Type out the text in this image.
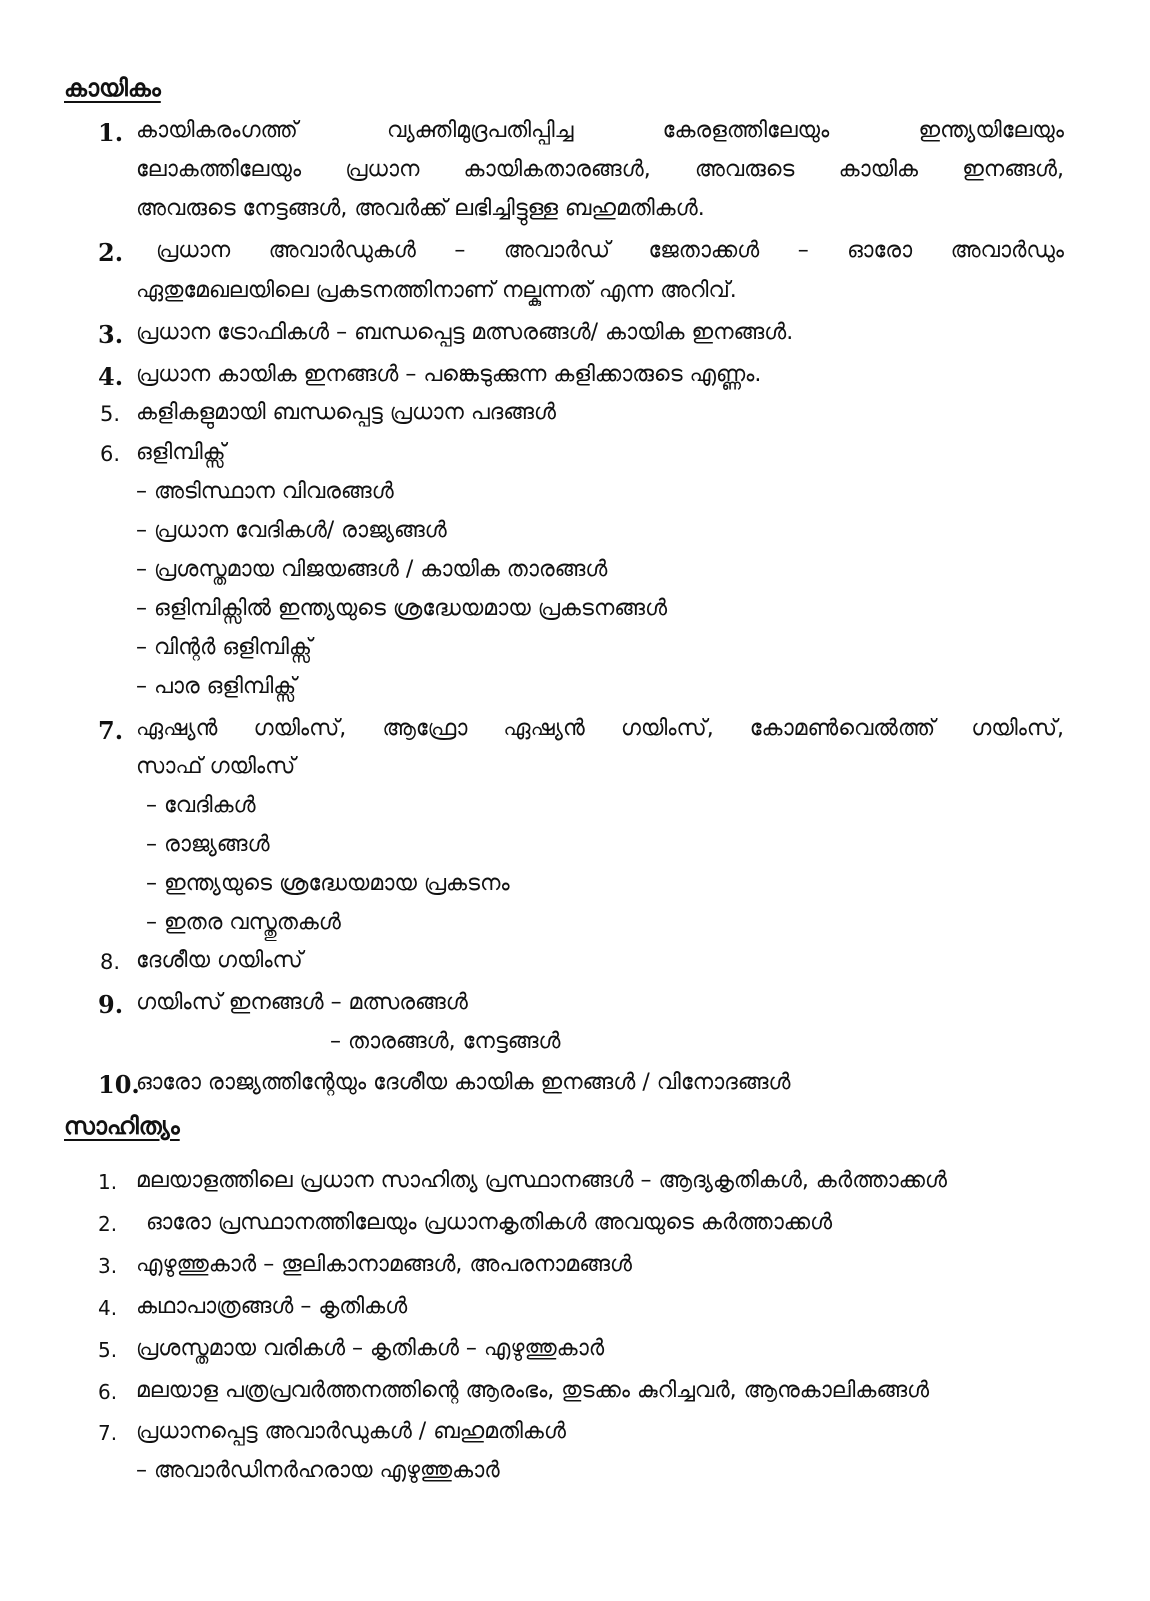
കായികം
1. കായികരംഗത്ത് വ്യക്തിമുദ്രപതിപ്പിച്ച കേരളത്തിലേയും ഇന്ത്യയിലേയും
ലോകത്തിലേയും പ്രധാന കായികതാരങ്ങൾ, അവരുടെ കായിക ഇനങ്ങൾ,
അവരുടെ നേട്ടങ്ങൾ, അവർക്ക് ലഭിച്ചിട്ടുള്ള ബഹുമതികൾ.
2. പ്രധാന അവാർഡുകൾ – അവാർഡ് ജേതാക്കൾ – ഓരോ അവാർഡും
ഏതുമേഖലയിലെ പ്രകടനത്തിനാണ് നല്കുന്നത് എന്ന അറിവ്.
3. പ്രധാന ട്രോഫികൾ – ബന്ധപ്പെട്ട മത്സരങ്ങൾ/ കായിക ഇനങ്ങൾ.
4. പ്രധാന കായിക ഇനങ്ങൾ – പങ്കെടുക്കുന്ന കളിക്കാരുടെ എണ്ണം.
5. കളികളുമായി ബന്ധപ്പെട്ട പ്രധാന പദങ്ങൾ
6. ഒളിമ്പിക്സ്
– അടിസ്ഥാന വിവരങ്ങൾ
– പ്രധാന വേദികൾ/ രാജ്യങ്ങൾ
– പ്രശസ്തമായ വിജയങ്ങൾ / കായിക താരങ്ങൾ
– ഒളിമ്പിക്സിൽ ഇന്ത്യയുടെ ശ്രദ്ധേയമായ പ്രകടനങ്ങൾ
– വിന്റർ ഒളിമ്പിക്സ്
– പാര ഒളിമ്പിക്സ്
7. ഏഷ്യൻ ഗയിംസ്, ആഫ്രോ ഏഷ്യൻ ഗയിംസ്, കോമൺവെൽത്ത് ഗയിംസ്,
സാഫ് ഗയിംസ്
– വേദികൾ
– രാജ്യങ്ങൾ
– ഇന്ത്യയുടെ ശ്രദ്ധേയമായ പ്രകടനം
– ഇതര വസ്തുതകൾ
8. ദേശീയ ഗയിംസ്
9. ഗയിംസ് ഇനങ്ങൾ – മത്സരങ്ങൾ
– താരങ്ങൾ, നേട്ടങ്ങൾ
10.
ഓരോ രാജ്യത്തിന്റേയും ദേശീയ കായിക ഇനങ്ങൾ / വിനോദങ്ങൾ
സാഹിത്യം
1. മലയാളത്തിലെ പ്രധാന സാഹിത്യ പ്രസ്ഥാനങ്ങൾ – ആദ്യകൃതികൾ, കർത്താക്കൾ
2. ഓരോ പ്രസ്ഥാനത്തിലേയും പ്രധാനകൃതികൾ അവയുടെ കർത്താക്കൾ
3. എഴുത്തുകാർ – തൂലികാനാമങ്ങൾ, അപരനാമങ്ങൾ
4. കഥാപാത്രങ്ങൾ – കൃതികൾ
5. പ്രശസ്തമായ വരികൾ – കൃതികൾ – എഴുത്തുകാർ
6. മലയാള പത്രപ്രവർത്തനത്തിന്റെ ആരംഭം, തുടക്കം കുറിച്ചവർ, ആനുകാലികങ്ങൾ
7. പ്രധാനപ്പെട്ട അവാർഡുകൾ / ബഹുമതികൾ
– അവാർഡിനർഹരായ എഴുത്തുകാർ
